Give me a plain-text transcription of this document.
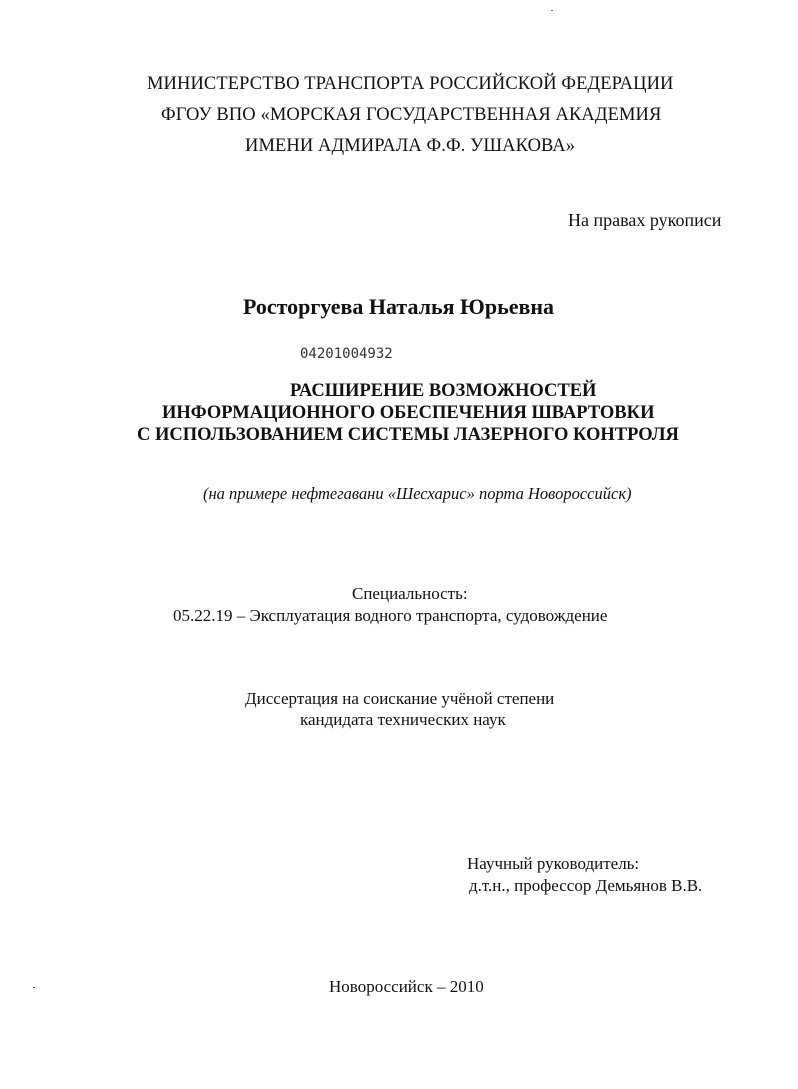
МИНИСТЕРСТВО ТРАНСПОРТА РОССИЙСКОЙ ФЕДЕРАЦИИ
ФГОУ ВПО «МОРСКАЯ ГОСУДАРСТВЕННАЯ АКАДЕМИЯ
ИМЕНИ АДМИРАЛА Ф.Ф. УШАКОВА»
На правах рукописи
Росторгуева Наталья Юрьевна
04201004932
РАСШИРЕНИЕ ВОЗМОЖНОСТЕЙ
ИНФОРМАЦИОННОГО ОБЕСПЕЧЕНИЯ ШВАРТОВКИ
С ИСПОЛЬЗОВАНИЕМ СИСТЕМЫ ЛАЗЕРНОГО КОНТРОЛЯ
(на примере нефтегавани «Шесхарис» порта Новороссийск)
Специальность:
05.22.19 – Эксплуатация водного транспорта, судовождение
Диссертация на соискание учёной степени
кандидата технических наук
Научный руководитель:
д.т.н., профессор Демьянов В.В.
Новороссийск – 2010
